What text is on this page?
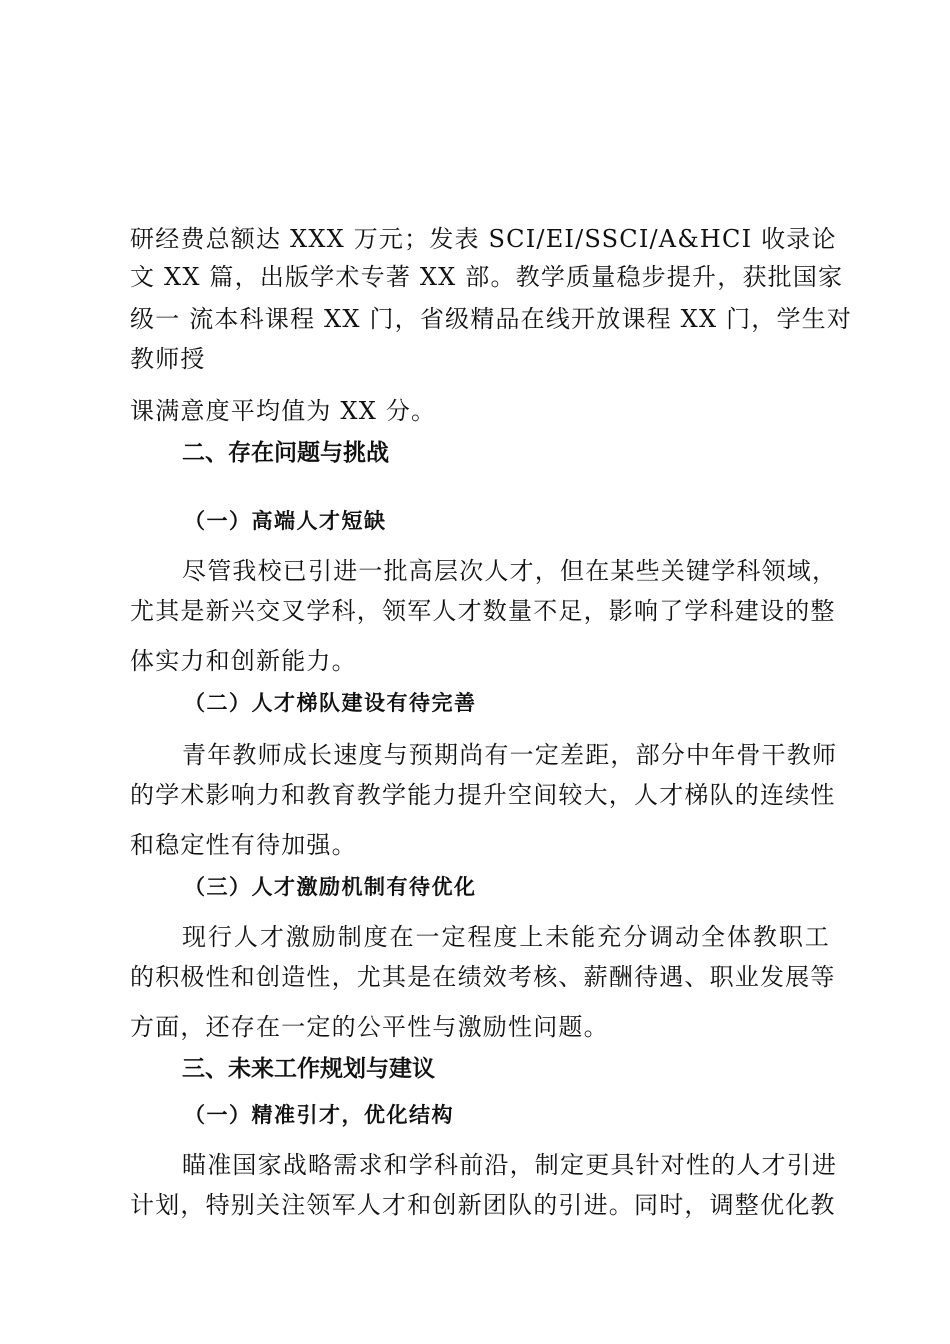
研经费总额达 XXX 万元；发表 SCI/EI/SSCI/A&HCI 收录论
文 XX 篇，出版学术专著 XX 部。教学质量稳步提升，获批国家
级一 流本科课程 XX 门，省级精品在线开放课程 XX 门，学生对
教师授
课满意度平均值为 XX 分。
二、存在问题与挑战
（一）高端人才短缺
尽管我校已引进一批高层次人才，但在某些关键学科领域，
尤其是新兴交叉学科，领军人才数量不足，影响了学科建设的整
体实力和创新能力。
（二）人才梯队建设有待完善
青年教师成长速度与预期尚有一定差距，部分中年骨干教师
的学术影响力和教育教学能力提升空间较大，人才梯队的连续性
和稳定性有待加强。
（三）人才激励机制有待优化
现行人才激励制度在一定程度上未能充分调动全体教职工
的积极性和创造性，尤其是在绩效考核、薪酬待遇、职业发展等
方面，还存在一定的公平性与激励性问题。
三、未来工作规划与建议
（一）精准引才，优化结构
瞄准国家战略需求和学科前沿，制定更具针对性的人才引进
计划，特别关注领军人才和创新团队的引进。同时，调整优化教
